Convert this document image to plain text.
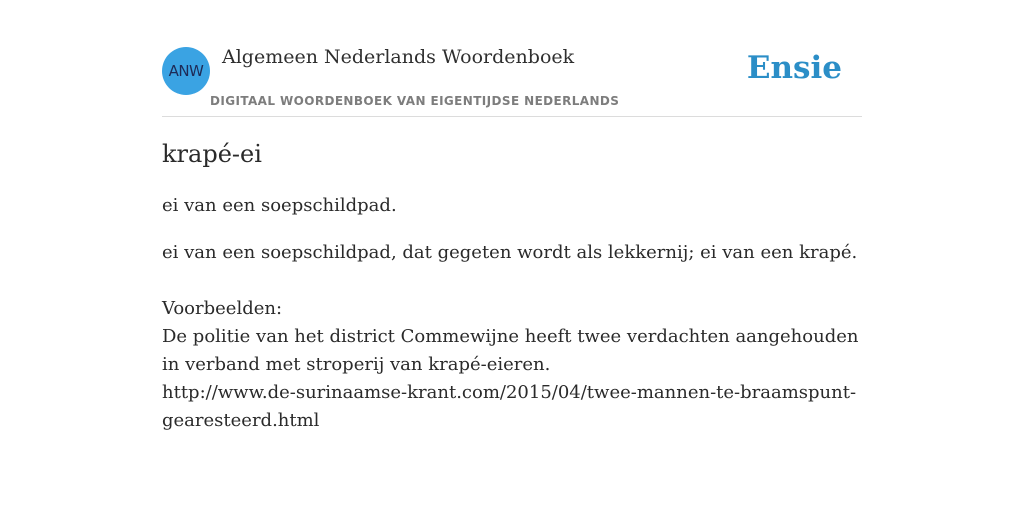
ANW
Algemeen Nederlands Woordenboek
DIGITAAL WOORDENBOEK VAN EIGENTIJDSE NEDERLANDS
Ensie
krapé-ei

ei van een soepschildpad.

ei van een soepschildpad, dat gegeten wordt als lekkernij; ei van een krapé.

Voorbeelden:
De politie van het district Commewijne heeft twee verdachten aangehouden in verband met stroperij van krapé-eieren.
http://www.de-surinaamse-krant.com/2015/04/twee-mannen-te-braamspunt-gearesteerd.html
